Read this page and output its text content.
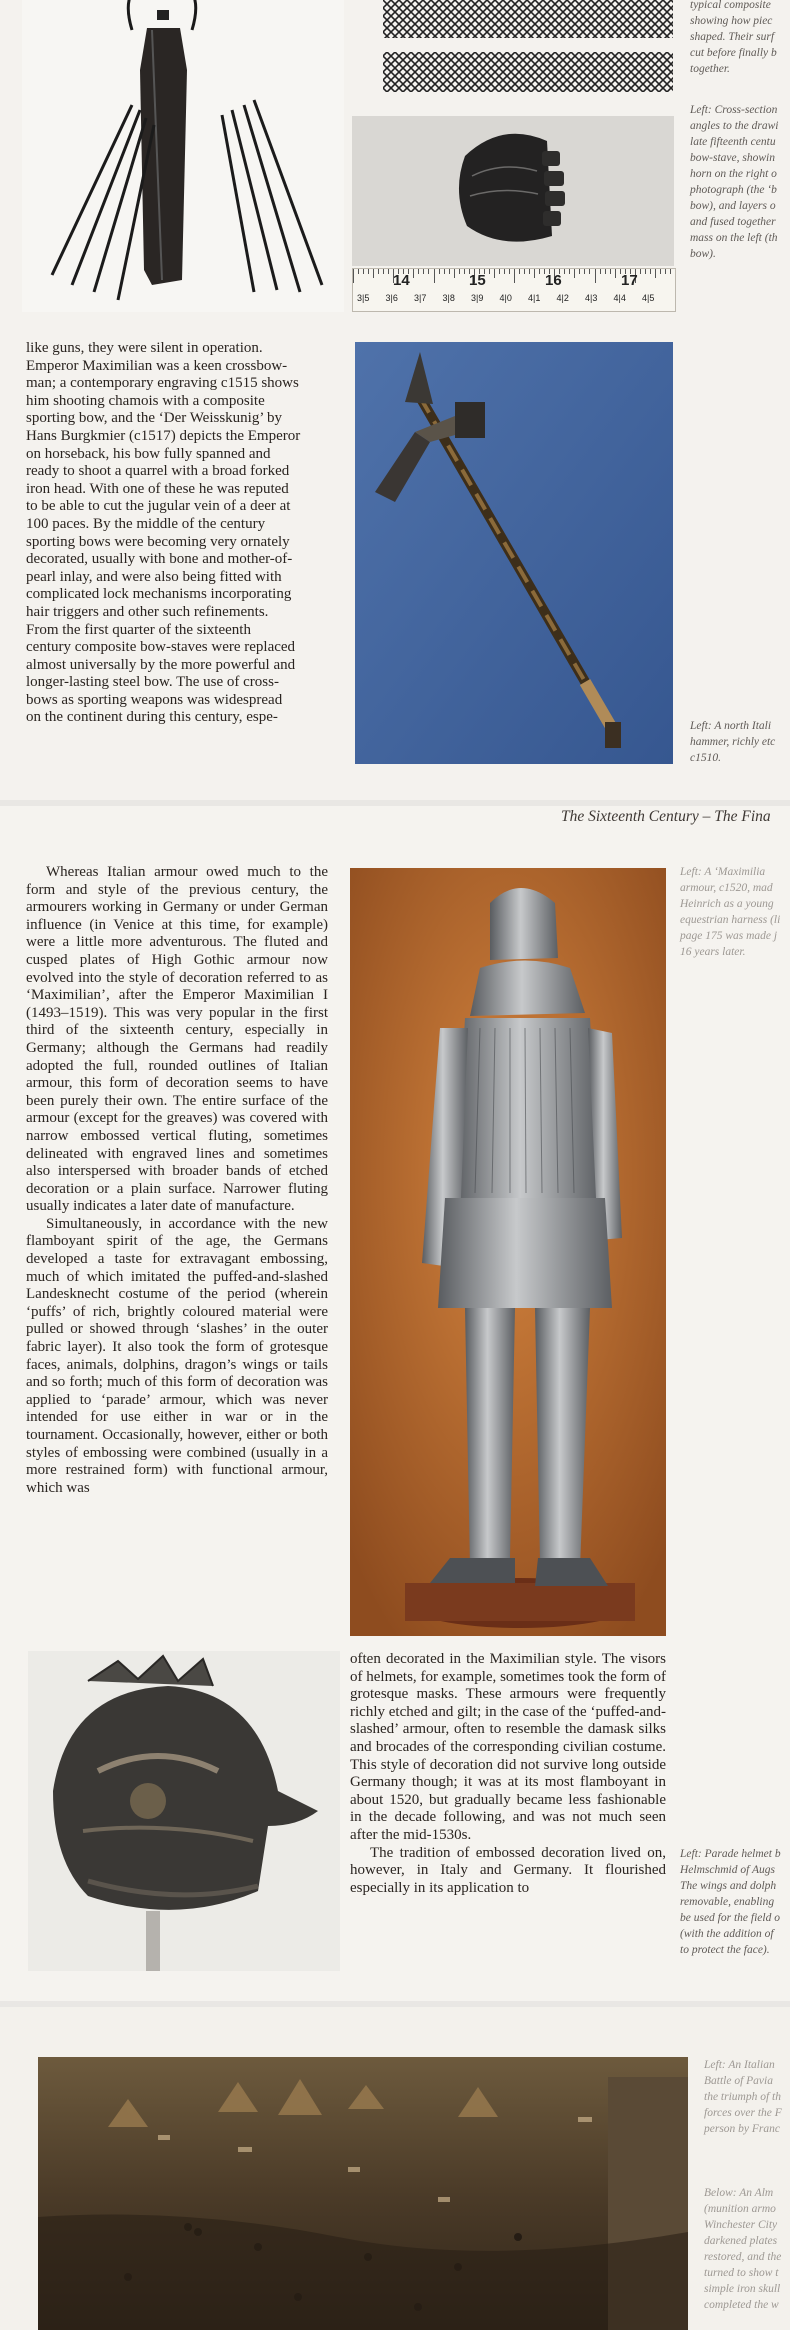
14	15	16	17
3|5 3|6 3|7 3|8 3|9 4|0 4|1 4|2 4|3 4|4 4|5
typical composite
showing how piec
shaped. Their surf
cut before finally b
together.
Left: Cross-section
angles to the drawi
late fifteenth centu
bow-stave, showin
horn on the right o
photograph (the ‘b
bow), and layers o
and fused together
mass on the left (th
bow).
Left: A north Itali
hammer, richly etc
c1510.
like guns, they were silent in operation.
Emperor Maximilian was a keen crossbow-
man; a contemporary engraving c1515 shows
him shooting chamois with a composite
sporting bow, and the ‘Der Weisskunig’ by
Hans Burgkmier (c1517) depicts the Emperor
on horseback, his bow fully spanned and
ready to shoot a quarrel with a broad forked
iron head. With one of these he was reputed
to be able to cut the jugular vein of a deer at
100 paces. By the middle of the century
sporting bows were becoming very ornately
decorated, usually with bone and mother-of-
pearl inlay, and were also being fitted with
complicated lock mechanisms incorporating
hair triggers and other such refinements.
From the first quarter of the sixteenth
century composite bow-staves were replaced
almost universally by the more powerful and
longer-lasting steel bow. The use of cross-
bows as sporting weapons was widespread
on the continent during this century, espe-
The Sixteenth Century – The Fina

Whereas Italian armour owed much to the form and style of the previous century, the armourers working in Germany or under German influence (in Venice at this time, for example) were a little more adventurous. The fluted and cusped plates of High Gothic armour now evolved into the style of decoration referred to as ‘Maximilian’, after the Emperor Maximilian I (1493–1519). This was very popular in the first third of the sixteenth century, especially in Germany; although the Germans had readily adopted the full, rounded outlines of Italian armour, this form of decoration seems to have been purely their own. The entire surface of the armour (except for the greaves) was covered with narrow embossed vertical fluting, sometimes delineated with engraved lines and sometimes also interspersed with broader bands of etched decoration or a plain surface. Narrower fluting usually indicates a later date of manufacture.

Simultaneously, in accordance with the new flamboyant spirit of the age, the Germans developed a taste for extravagant embossing, much of which imitated the puffed-and-slashed Landesknecht costume of the period (wherein ‘puffs’ of rich, brightly coloured material were pulled or showed through ‘slashes’ in the outer fabric layer). It also took the form of grotesque faces, animals, dolphins, dragon’s wings or tails and so forth; much of this form of decoration was applied to ‘parade’ armour, which was never intended for use either in war or in the tournament. Occasionally, however, either or both styles of embossing were combined (usually in a more restrained form) with functional armour, which was

Left: A ‘Maximilia
armour, c1520, mad
Heinrich as a young
equestrian harness (li
page 175 was made j
16 years later.

often decorated in the Maximilian style. The visors of helmets, for example, sometimes took the form of grotesque masks. These armours were frequently richly etched and gilt; in the case of the ‘puffed-and-slashed’ armour, often to resemble the damask silks and brocades of the corresponding civilian costume. This style of decoration did not survive long outside Germany though; it was at its most flamboyant in about 1520, but gradually became less fashionable in the decade following, and was not much seen after the mid-1530s.

The tradition of embossed decoration lived on, however, in Italy and Germany. It flourished especially in its application to

Left: Parade helmet b
Helmschmid of Augs
The wings and dolph
removable, enabling
be used for the field o
(with the addition of
to protect the face).
Left: An Italian
Battle of Pavia
the triumph of th
forces over the F
person by Franc
Below: An Alm
(munition armo
Winchester City
darkened plates
restored, and the
turned to show t
simple iron skull
completed the w
